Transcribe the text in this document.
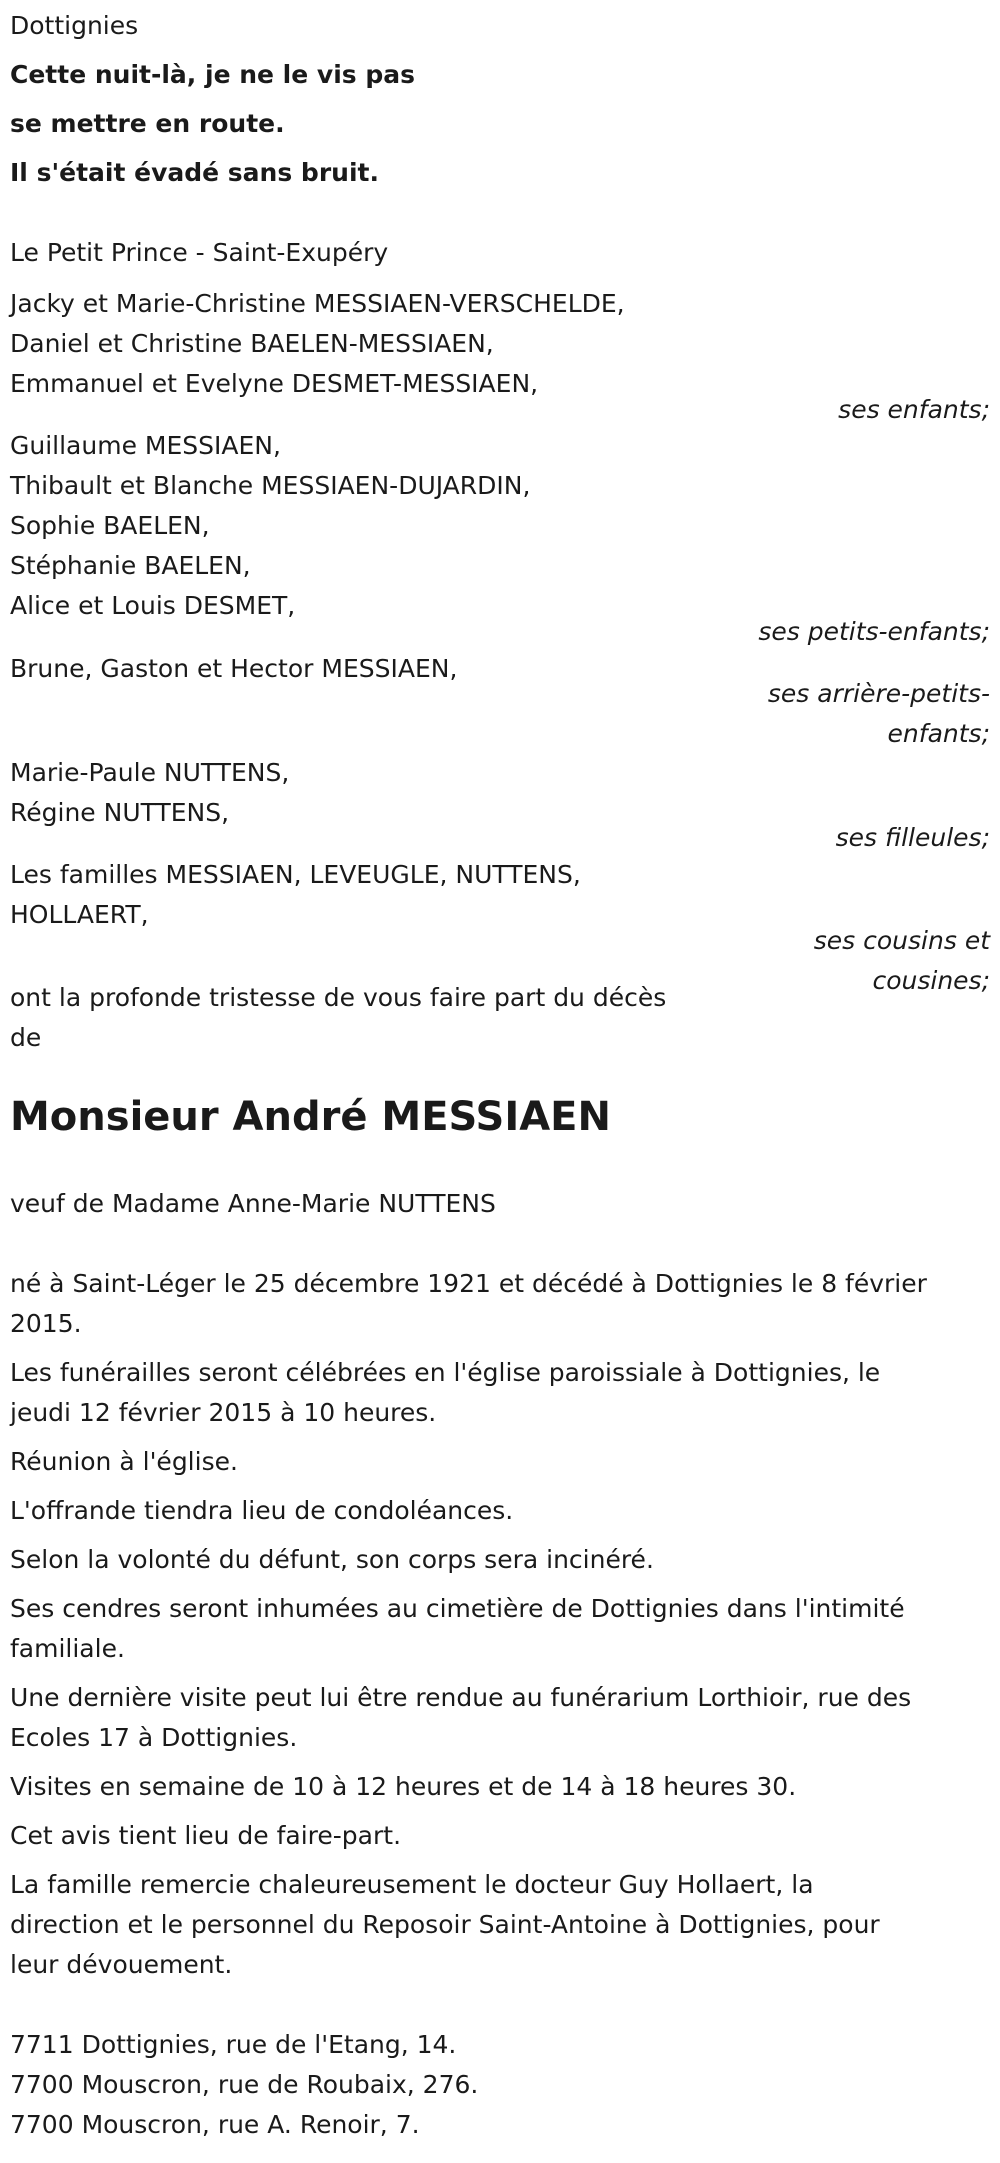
Dottignies
Cette nuit-là, je ne le vis pas
se mettre en route.
Il s'était évadé sans bruit.
Le Petit Prince - Saint-Exupéry
Jacky et Marie-Christine MESSIAEN-VERSCHELDE,
Daniel et Christine BAELEN-MESSIAEN,
Emmanuel et Evelyne DESMET-MESSIAEN,
ses enfants;
Guillaume MESSIAEN,
Thibault et Blanche MESSIAEN-DUJARDIN,
Sophie BAELEN,
Stéphanie BAELEN,
Alice et Louis DESMET,
ses petits-enfants;
Brune, Gaston et Hector MESSIAEN,
ses arrière-petits-
enfants;
Marie-Paule NUTTENS,
Régine NUTTENS,
ses filleules;
Les familles MESSIAEN, LEVEUGLE, NUTTENS,
HOLLAERT,
ses cousins et
cousines;
ont la profonde tristesse de vous faire part du décès
de
Monsieur André MESSIAEN
veuf de Madame Anne-Marie NUTTENS
né à Saint-Léger le 25 décembre 1921 et décédé à Dottignies le 8 février
2015.
Les funérailles seront célébrées en l'église paroissiale à Dottignies, le
jeudi 12 février 2015 à 10 heures.
Réunion à l'église.
L'offrande tiendra lieu de condoléances.
Selon la volonté du défunt, son corps sera incinéré.
Ses cendres seront inhumées au cimetière de Dottignies dans l'intimité
familiale.
Une dernière visite peut lui être rendue au funérarium Lorthioir, rue des
Ecoles 17 à Dottignies.
Visites en semaine de 10 à 12 heures et de 14 à 18 heures 30.
Cet avis tient lieu de faire-part.
La famille remercie chaleureusement le docteur Guy Hollaert, la
direction et le personnel du Reposoir Saint-Antoine à Dottignies, pour
leur dévouement.
7711 Dottignies, rue de l'Etang, 14.
7700 Mouscron, rue de Roubaix, 276.
7700 Mouscron, rue A. Renoir, 7.
